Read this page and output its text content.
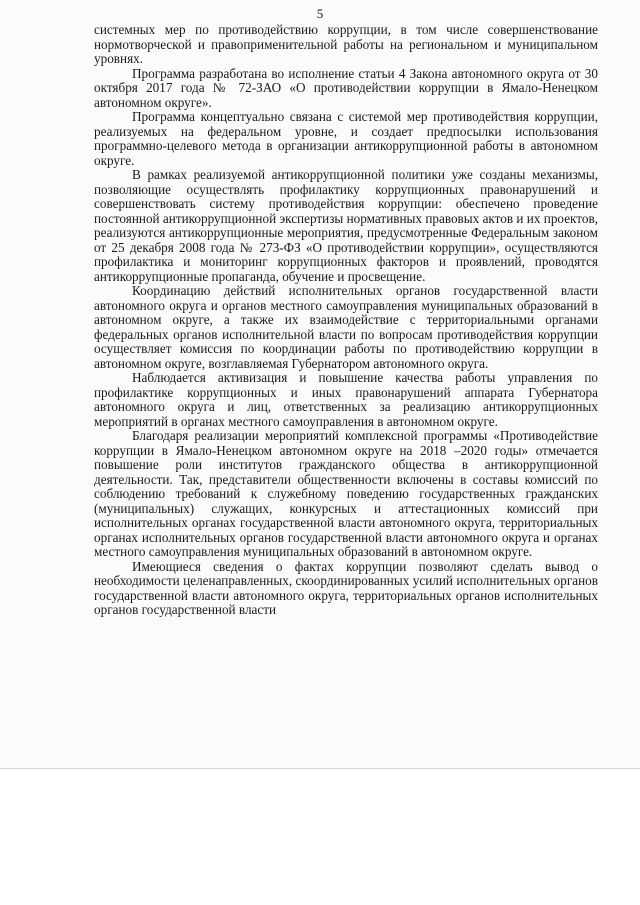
5

системных мер по противодействию коррупции, в том числе совершенствование нормотворческой и правоприменительной работы на региональном и муниципальном уровнях.

Программа разработана во исполнение статьи 4 Закона автономного округа от 30 октября 2017 года № 72-ЗАО «О противодействии коррупции в Ямало-Ненецком автономном округе».

Программа концептуально связана с системой мер противодействия коррупции, реализуемых на федеральном уровне, и создает предпосылки использования программно-целевого метода в организации антикоррупционной работы в автономном округе.

В рамках реализуемой антикоррупционной политики уже созданы механизмы, позволяющие осуществлять профилактику коррупционных правонарушений и совершенствовать систему противодействия коррупции: обеспечено проведение постоянной антикоррупционной экспертизы нормативных правовых актов и их проектов, реализуются антикоррупционные мероприятия, предусмотренные Федеральным законом от 25 декабря 2008 года № 273-ФЗ «О противодействии коррупции», осуществляются профилактика и мониторинг коррупционных факторов и проявлений, проводятся антикоррупционные пропаганда, обучение и просвещение.

Координацию действий исполнительных органов государственной власти автономного округа и органов местного самоуправления муниципальных образований в автономном округе, а также их взаимодействие с территориальными органами федеральных органов исполнительной власти по вопросам противодействия коррупции осуществляет комиссия по координации работы по противодействию коррупции в автономном округе, возглавляемая Губернатором автономного округа.

Наблюдается активизация и повышение качества работы управления по профилактике коррупционных и иных правонарушений аппарата Губернатора автономного округа и лиц, ответственных за реализацию антикоррупционных мероприятий в органах местного самоуправления в автономном округе.

Благодаря реализации мероприятий комплексной программы «Противодействие коррупции в Ямало-Ненецком автономном округе на 2018 –2020 годы» отмечается повышение роли институтов гражданского общества в антикоррупционной деятельности. Так, представители общественности включены в составы комиссий по соблюдению требований к служебному поведению государственных гражданских (муниципальных) служащих, конкурсных и аттестационных комиссий при исполнительных органах государственной власти автономного округа, территориальных органах исполнительных органов государственной власти автономного округа и органах местного самоуправления муниципальных образований в автономном округе.

Имеющиеся сведения о фактах коррупции позволяют сделать вывод о необходимости целенаправленных, скоординированных усилий исполнительных органов государственной власти автономного округа, территориальных органов исполнительных органов государственной власти
